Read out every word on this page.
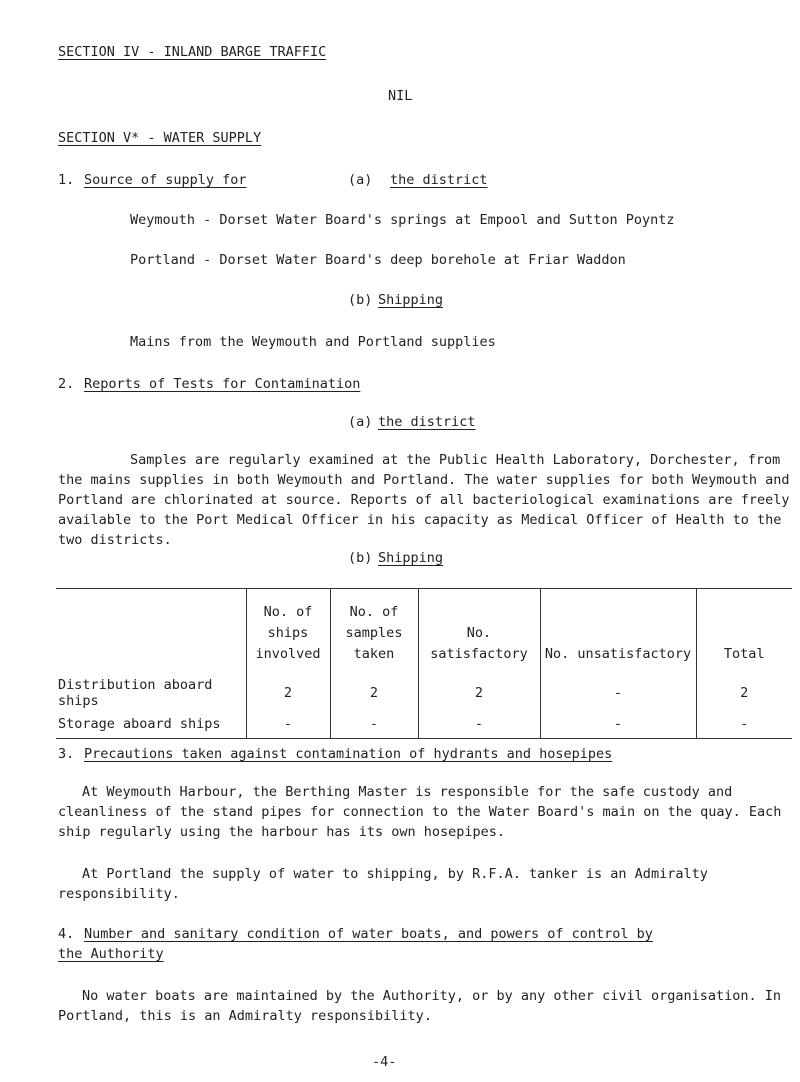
SECTION IV - INLAND BARGE TRAFFIC
NIL
SECTION V* - WATER SUPPLY
1. Source of supply for	(a) the district
Weymouth - Dorset Water Board's springs at Empool and Sutton Poyntz
Portland - Dorset Water Board's deep borehole at Friar Waddon
(b) Shipping
Mains from the Weymouth and Portland supplies
2. Reports of Tests for Contamination
(a) the district
Samples are regularly examined at the Public Health Laboratory, Dorchester, from the mains supplies in both Weymouth and Portland. The water supplies for both Weymouth and Portland are chlorinated at source. Reports of all bacteriological examinations are freely available to the Port Medical Officer in his capacity as Medical Officer of Health to the two districts.
(b) Shipping
	No. of ships involved	No. of samples taken	No. satisfactory	No. unsatisfactory	Total
Distribution aboard ships	2	2	2	-	2
Storage aboard ships	-	-	-	-	-
3. Precautions taken against contamination of hydrants and hosepipes
At Weymouth Harbour, the Berthing Master is responsible for the safe custody and cleanliness of the stand pipes for connection to the Water Board's main on the quay. Each ship regularly using the harbour has its own hosepipes.
At Portland the supply of water to shipping, by R.F.A. tanker is an Admiralty responsibility.
4. Number and sanitary condition of water boats, and powers of control by
the Authority
No water boats are maintained by the Authority, or by any other civil organisation. In Portland, this is an Admiralty responsibility.
-4-
